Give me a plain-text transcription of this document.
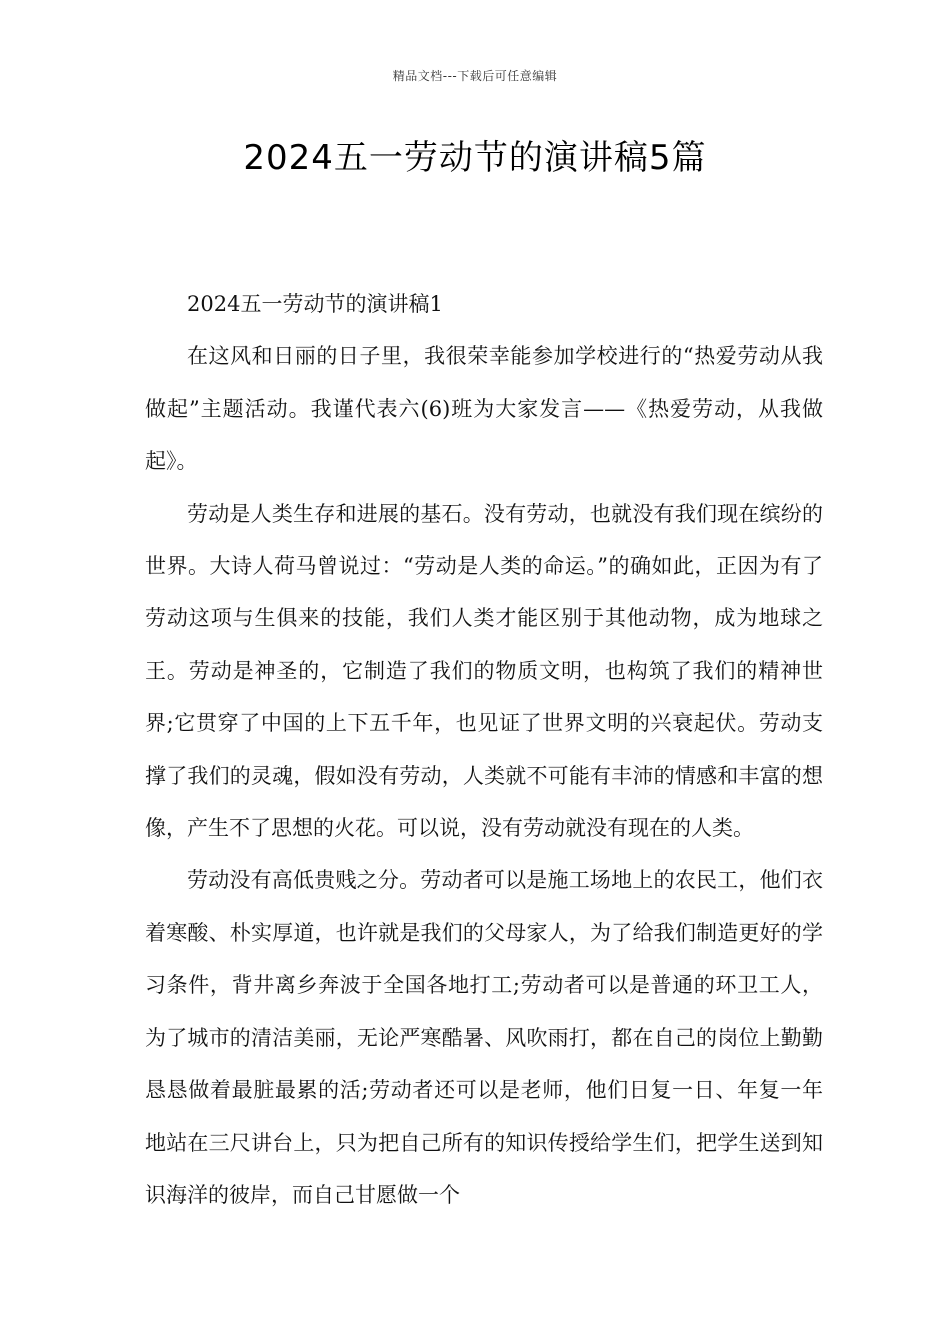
精品文档---下载后可任意编辑
2024五一劳动节的演讲稿5篇

2024五一劳动节的演讲稿1

在这风和日丽的日子里，我很荣幸能参加学校进行的“热爱劳动从我做起”主题活动。我谨代表六(6)班为大家发言——《热爱劳动，从我做起》。

劳动是人类生存和进展的基石。没有劳动，也就没有我们现在缤纷的世界。大诗人荷马曾说过：“劳动是人类的命运。”的确如此，正因为有了劳动这项与生俱来的技能，我们人类才能区别于其他动物，成为地球之王。劳动是神圣的，它制造了我们的物质文明，也构筑了我们的精神世界;它贯穿了中国的上下五千年，也见证了世界文明的兴衰起伏。劳动支撑了我们的灵魂，假如没有劳动，人类就不可能有丰沛的情感和丰富的想像，产生不了思想的火花。可以说，没有劳动就没有现在的人类。

劳动没有高低贵贱之分。劳动者可以是施工场地上的农民工，他们衣着寒酸、朴实厚道，也许就是我们的父母家人，为了给我们制造更好的学习条件，背井离乡奔波于全国各地打工;劳动者可以是普通的环卫工人，为了城市的清洁美丽，无论严寒酷暑、风吹雨打，都在自己的岗位上勤勤恳恳做着最脏最累的活;劳动者还可以是老师，他们日复一日、年复一年地站在三尺讲台上，只为把自己所有的知识传授给学生们，把学生送到知识海洋的彼岸，而自己甘愿做一个
